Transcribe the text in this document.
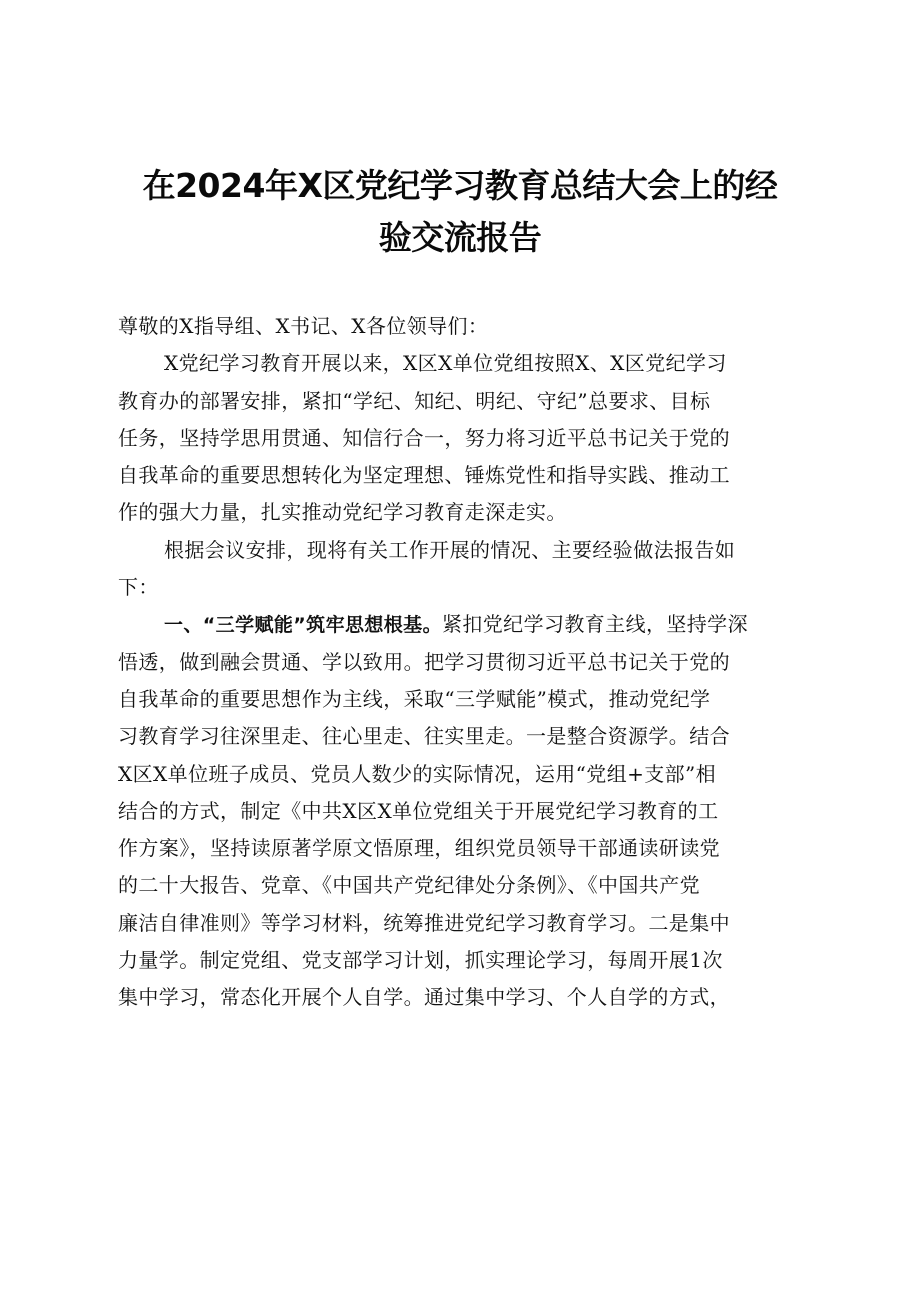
在2024年X区党纪学习教育总结大会上的经
验交流报告
尊敬的X指导组、X书记、X各位领导们：
X党纪学习教育开展以来，X区X单位党组按照X、X区党纪学习
教育办的部署安排，紧扣“学纪、知纪、明纪、守纪”总要求、目标
任务，坚持学思用贯通、知信行合一，努力将习近平总书记关于党的
自我革命的重要思想转化为坚定理想、锤炼党性和指导实践、推动工
作的强大力量，扎实推动党纪学习教育走深走实。
根据会议安排，现将有关工作开展的情况、主要经验做法报告如
下：
一、“三学赋能”筑牢思想根基。紧扣党纪学习教育主线，坚持学深
悟透，做到融会贯通、学以致用。把学习贯彻习近平总书记关于党的
自我革命的重要思想作为主线，采取“三学赋能”模式，推动党纪学
习教育学习往深里走、往心里走、往实里走。一是整合资源学。结合
X区X单位班子成员、党员人数少的实际情况，运用“党组+支部”相
结合的方式，制定《中共X区X单位党组关于开展党纪学习教育的工
作方案》，坚持读原著学原文悟原理，组织党员领导干部通读研读党
的二十大报告、党章、《中国共产党纪律处分条例》、《中国共产党
廉洁自律准则》等学习材料，统筹推进党纪学习教育学习。二是集中
力量学。制定党组、党支部学习计划，抓实理论学习，每周开展1次
集中学习，常态化开展个人自学。通过集中学习、个人自学的方式，
